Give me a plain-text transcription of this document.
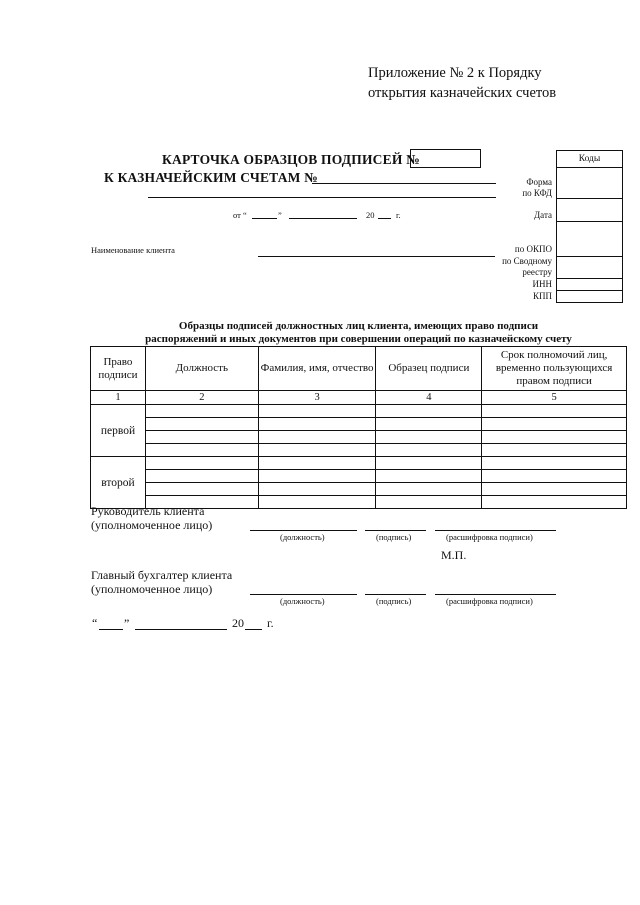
Приложение № 2 к Порядку
открытия казначейских счетов
КАРТОЧКА ОБРАЗЦОВ ПОДПИСЕЙ №
К КАЗНАЧЕЙСКИМ СЧЕТАМ №
от “	”	20	г.
Наименование клиента
Коды
Форма
по КФД
Дата
по ОКПО
по Сводному
реестру
ИНН
КПП
Образцы подписей должностных лиц клиента, имеющих право подписи
распоряжений и иных документов при совершении операций по казначейскому счету
Право подписи	Должность	Фамилия, имя, отчество	Образец подписи	Срок полномочий лиц, временно пользующихся правом подписи
1	2	3	4	5
первой				

второй				

Руководитель клиента
(уполномоченное лицо)
(должность)	(подпись)	(расшифровка подписи)
М.П.
Главный бухгалтер клиента
(уполномоченное лицо)
(должность)	(подпись)	(расшифровка подписи)
“ ”	20 г.
